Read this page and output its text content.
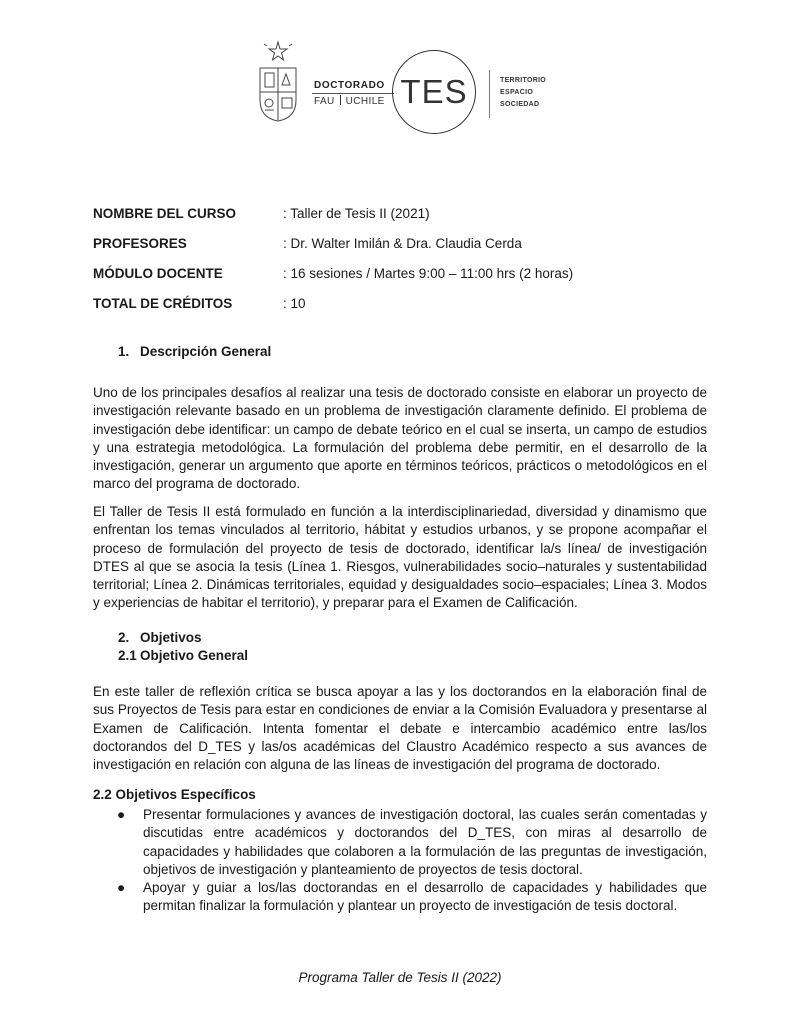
DOCTORADO
FAU UCHILE TES	TERRITORIO
ESPACIO
SOCIEDAD
NOMBRE DEL CURSO	: Taller de Tesis II (2021)
PROFESORES	: Dr. Walter Imilán & Dra. Claudia Cerda
MÓDULO DOCENTE	: 16 sesiones / Martes 9:00 – 11:00 hrs (2 horas)
TOTAL DE CRÉDITOS	: 10
1. Descripción General
Uno de los principales desafíos al realizar una tesis de doctorado consiste en elaborar un proyecto de investigación relevante basado en un problema de investigación claramente definido. El problema de investigación debe identificar: un campo de debate teórico en el cual se inserta, un campo de estudios y una estrategia metodológica. La formulación del problema debe permitir, en el desarrollo de la investigación, generar un argumento que aporte en términos teóricos, prácticos o metodológicos en el marco del programa de doctorado.
El Taller de Tesis II está formulado en función a la interdisciplinariedad, diversidad y dinamismo que enfrentan los temas vinculados al territorio, hábitat y estudios urbanos, y se propone acompañar el proceso de formulación del proyecto de tesis de doctorado, identificar la/s línea/ de investigación DTES al que se asocia la tesis (Línea 1. Riesgos, vulnerabilidades socio–naturales y sustentabilidad territorial; Línea 2. Dinámicas territoriales, equidad y desigualdades socio–espaciales; Línea 3. Modos y experiencias de habitar el territorio), y preparar para el Examen de Calificación.
2. Objetivos
2.1 Objetivo General
En este taller de reflexión crítica se busca apoyar a las y los doctorandos en la elaboración final de sus Proyectos de Tesis para estar en condiciones de enviar a la Comisión Evaluadora y presentarse al Examen de Calificación. Intenta fomentar el debate e intercambio académico entre las/los doctorandos del D_TES y las/os académicas del Claustro Académico respecto a sus avances de investigación en relación con alguna de las líneas de investigación del programa de doctorado.
2.2 Objetivos Específicos
● Presentar formulaciones y avances de investigación doctoral, las cuales serán comentadas y discutidas entre académicos y doctorandos del D_TES, con miras al desarrollo de capacidades y habilidades que colaboren a la formulación de las preguntas de investigación, objetivos de investigación y planteamiento de proyectos de tesis doctoral.
● Apoyar y guiar a los/las doctorandas en el desarrollo de capacidades y habilidades que permitan finalizar la formulación y plantear un proyecto de investigación de tesis doctoral.
Programa Taller de Tesis II (2022)
